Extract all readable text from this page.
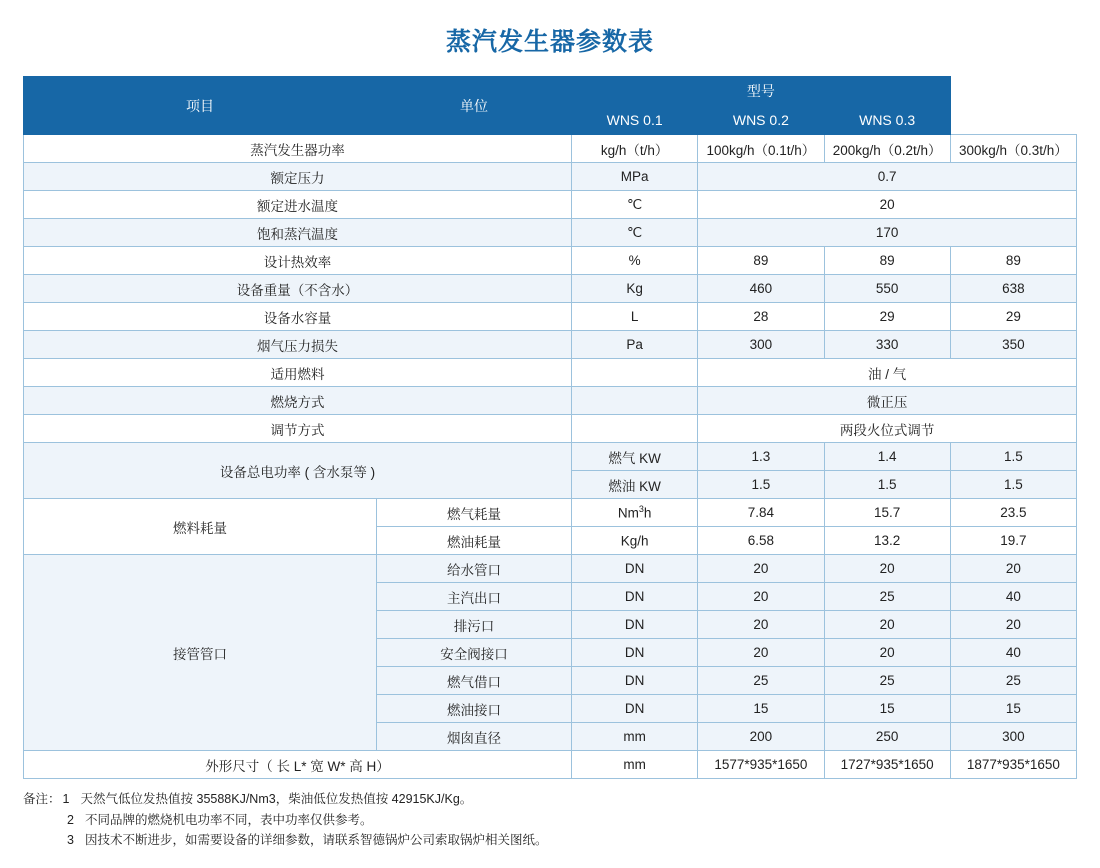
蒸汽发生器参数表
项目	单位	型号			
		WNS 0.1	WNS 0.2	WNS 0.3	
蒸汽发生器功率		kg/h（t/h）	100kg/h（0.1t/h）	200kg/h（0.2t/h）	300kg/h（0.3t/h）
额定压力		MPa	0.7		
额定进水温度		℃	20		
饱和蒸汽温度		℃	170		
设计热效率		%	89	89	89
设备重量（不含水）		Kg	460	550	638
设备水容量		L	28	29	29
烟气压力损失		Pa	300	330	350
适用燃料			油 / 气		
燃烧方式			微正压		
调节方式			两段火位式调节		
设备总电功率 ( 含水泵等 )		燃气 KW	1.3	1.4	1.5
		燃油 KW	1.5	1.5	1.5
燃料耗量	燃气耗量	Nm$^3$h	7.84	15.7	23.5
	燃油耗量	Kg/h	6.58	13.2	19.7
接管管口	给水管口	DN	20	20	20
	主汽出口	DN	20	25	40
	排污口	DN	20	20	20
	安全阀接口	DN	20	20	40
	燃气借口	DN	25	25	25
	燃油接口	DN	15	15	15
	烟囱直径	mm	200	250	300
外形尺寸（ 长 L* 宽 W* 高 H）		mm	1577*935*1650	1727*935*1650	1877*935*1650
备注： 1 天然气低位发热值按 35588KJ/Nm3，柴油低位发热值按 42915KJ/Kg。
2 不同品牌的燃烧机电功率不同，表中功率仅供参考。
3 因技术不断进步，如需要设备的详细参数，请联系智德锅炉公司索取锅炉相关图纸。
